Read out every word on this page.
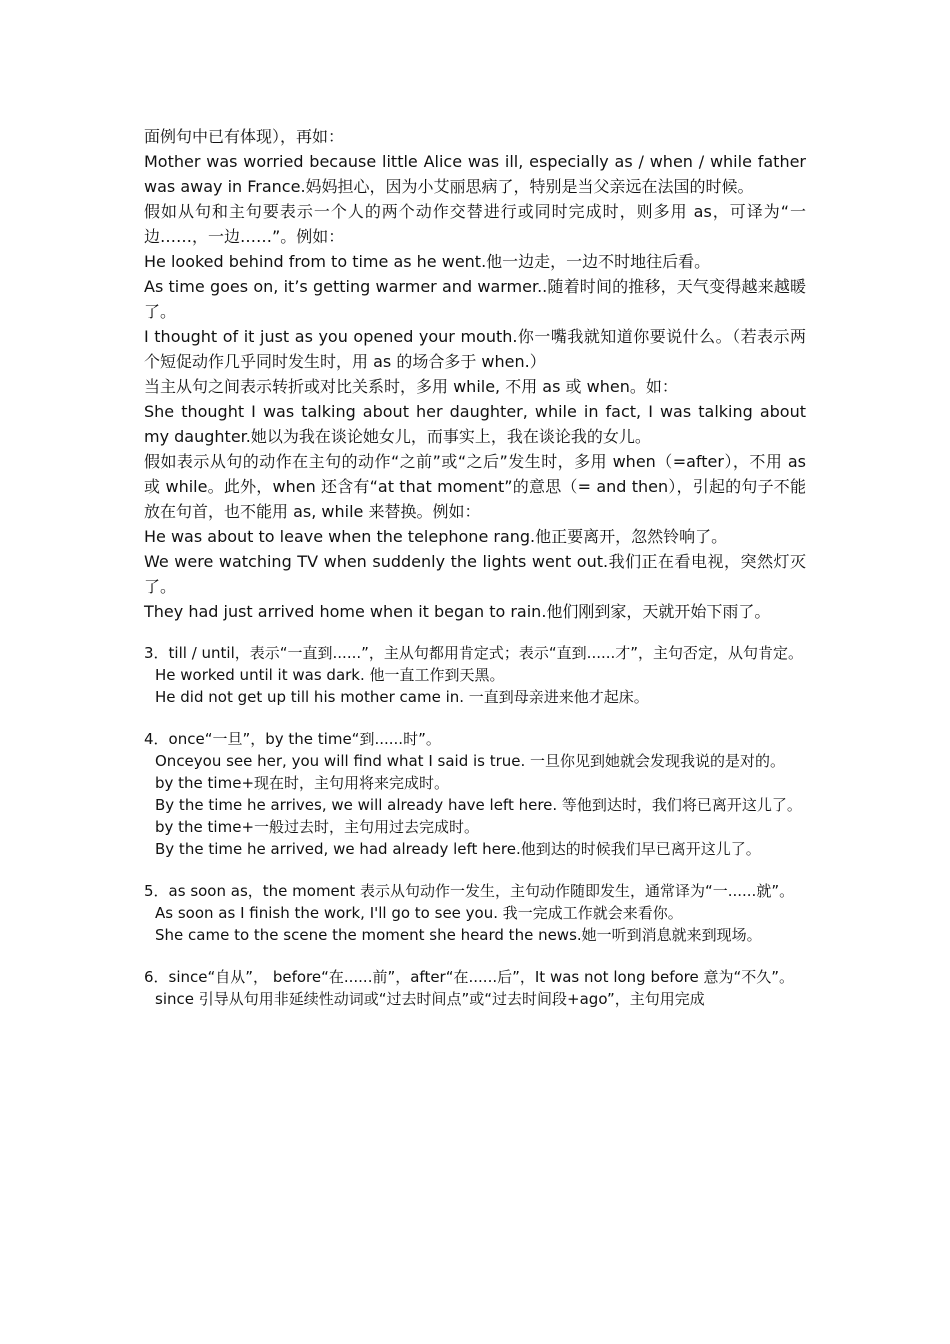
面例句中已有体现），再如：

Mother was worried because little Alice was ill, especially as / when / while father was away in France.妈妈担心，因为小艾丽思病了，特别是当父亲远在法国的时候。

假如从句和主句要表示一个人的两个动作交替进行或同时完成时，则多用 as，可译为“一边……，一边……”。例如：

He looked behind from to time as he went.他一边走，一边不时地往后看。

As time goes on, it’s getting warmer and warmer..随着时间的推移，天气变得越来越暖了。

I thought of it just as you opened your mouth.你一嘴我就知道你要说什么。（若表示两个短促动作几乎同时发生时，用 as 的场合多于 when.）

当主从句之间表示转折或对比关系时，多用 while, 不用 as 或 when。如：

She thought I was talking about her daughter, while in fact, I was talking about my daughter.她以为我在谈论她女儿，而事实上，我在谈论我的女儿。

假如表示从句的动作在主句的动作“之前”或“之后”发生时，多用 when（=after），不用 as 或 while。此外，when 还含有“at that moment”的意思（= and then），引起的句子不能放在句首，也不能用 as, while 来替换。例如：

He was about to leave when the telephone rang.他正要离开，忽然铃响了。

We were watching TV when suddenly the lights went out.我们正在看电视，突然灯灭了。

They had just arrived home when it began to rain.他们刚到家，天就开始下雨了。

3．till / until，表示“一直到......”，主从句都用肯定式；表示“直到......才”，主句否定，从句肯定。

He worked until it was dark. 他一直工作到天黑。

He did not get up till his mother came in. 一直到母亲进来他才起床。

4．once“一旦”，by the time“到......时”。

Onceyou see her, you will find what I said is true. 一旦你见到她就会发现我说的是对的。

by the time+现在时，主句用将来完成时。

By the time he arrives, we will already have left here. 等他到达时，我们将已离开这儿了。

by the time+一般过去时，主句用过去完成时。

By the time he arrived, we had already left here.他到达的时候我们早已离开这儿了。

5．as soon as，the moment 表示从句动作一发生，主句动作随即发生，通常译为“一......就”。

As soon as I finish the work, I'll go to see you. 我一完成工作就会来看你。

She came to the scene the moment she heard the news.她一听到消息就来到现场。

6．since“自从”， before“在......前”，after“在......后”，It was not long before 意为“不久”。

since 引导从句用非延续性动词或“过去时间点”或“过去时间段+ago”，主句用完成
